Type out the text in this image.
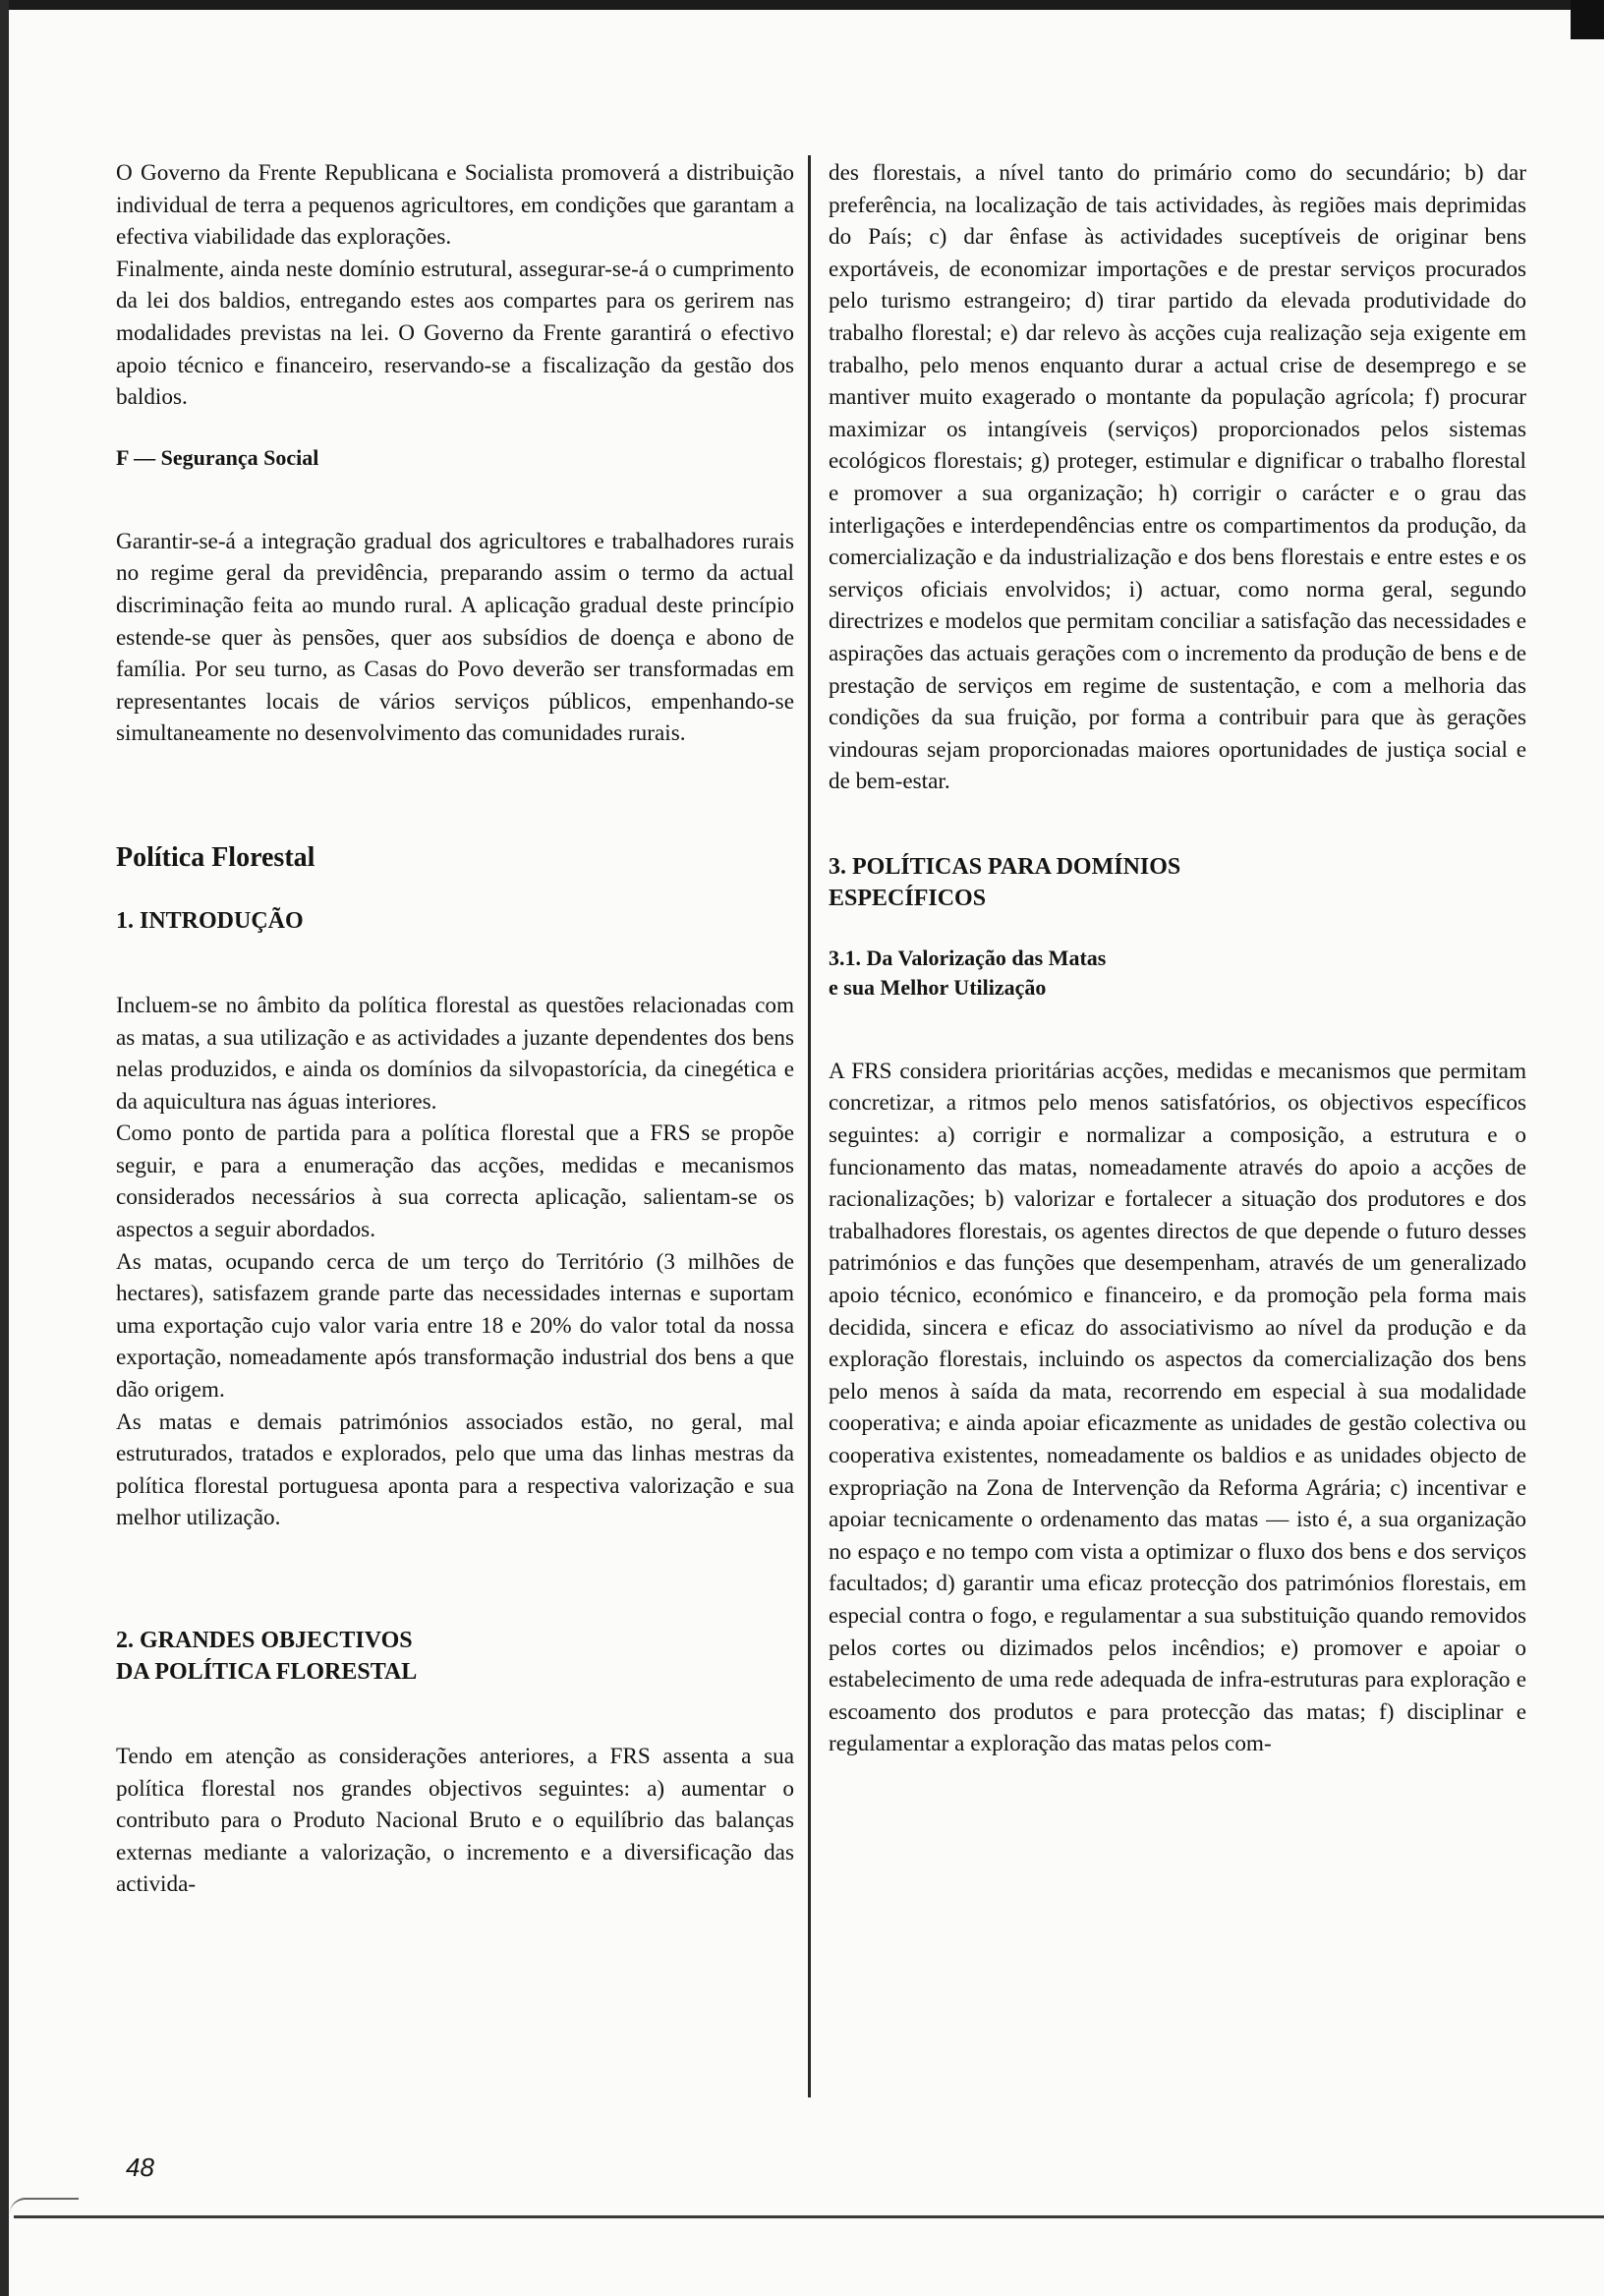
O Governo da Frente Republicana e Socialista promoverá a distribuição individual de terra a pequenos agricultores, em condições que garantam a efectiva viabilidade das explorações.

Finalmente, ainda neste domínio estrutural, assegurar-se-á o cumprimento da lei dos baldios, entregando estes aos compartes para os gerirem nas modalidades previstas na lei. O Governo da Frente garantirá o efectivo apoio técnico e financeiro, reservando-se a fiscalização da gestão dos baldios.

F — Segurança Social

Garantir-se-á a integração gradual dos agricultores e trabalhadores rurais no regime geral da previdência, preparando assim o termo da actual discriminação feita ao mundo rural. A aplicação gradual deste princípio estende-se quer às pensões, quer aos subsídios de doença e abono de família. Por seu turno, as Casas do Povo deverão ser transformadas em representantes locais de vários serviços públicos, empenhando-se simultaneamente no desenvolvimento das comunidades rurais.

Política Florestal
1. INTRODUÇÃO

Incluem-se no âmbito da política florestal as questões relacionadas com as matas, a sua utilização e as actividades a juzante dependentes dos bens nelas produzidos, e ainda os domínios da silvopastorícia, da cinegética e da aquicultura nas águas interiores.

Como ponto de partida para a política florestal que a FRS se propõe seguir, e para a enumeração das acções, medidas e mecanismos considerados necessários à sua correcta aplicação, salientam-se os aspectos a seguir abordados.

As matas, ocupando cerca de um terço do Território (3 milhões de hectares), satisfazem grande parte das necessidades internas e suportam uma exportação cujo valor varia entre 18 e 20% do valor total da nossa exportação, nomeadamente após transformação industrial dos bens a que dão origem.

As matas e demais patrimónios associados estão, no geral, mal estruturados, tratados e explorados, pelo que uma das linhas mestras da política florestal portuguesa aponta para a respectiva valorização e sua melhor utilização.

2. GRANDES OBJECTIVOS
DA POLÍTICA FLORESTAL

Tendo em atenção as considerações anteriores, a FRS assenta a sua política florestal nos grandes objectivos seguintes: a) aumentar o contributo para o Produto Nacional Bruto e o equilíbrio das balanças externas mediante a valorização, o incremento e a diversificação das activida-

des florestais, a nível tanto do primário como do secundário; b) dar preferência, na localização de tais actividades, às regiões mais deprimidas do País; c) dar ênfase às actividades suceptíveis de originar bens exportáveis, de economizar importações e de prestar serviços procurados pelo turismo estrangeiro; d) tirar partido da elevada produtividade do trabalho florestal; e) dar relevo às acções cuja realização seja exigente em trabalho, pelo menos enquanto durar a actual crise de desemprego e se mantiver muito exagerado o montante da população agrícola; f) procurar maximizar os intangíveis (serviços) proporcionados pelos sistemas ecológicos florestais; g) proteger, estimular e dignificar o trabalho florestal e promover a sua organização; h) corrigir o carácter e o grau das interligações e interdependências entre os compartimentos da produção, da comercialização e da industrialização e dos bens florestais e entre estes e os serviços oficiais envolvidos; i) actuar, como norma geral, segundo directrizes e modelos que permitam conciliar a satisfação das necessidades e aspirações das actuais gerações com o incremento da produção de bens e de prestação de serviços em regime de sustentação, e com a melhoria das condições da sua fruição, por forma a contribuir para que às gerações vindouras sejam proporcionadas maiores oportunidades de justiça social e de bem-estar.

3. POLÍTICAS PARA DOMÍNIOS
ESPECÍFICOS
3.1. Da Valorização das Matas
e sua Melhor Utilização

A FRS considera prioritárias acções, medidas e mecanismos que permitam concretizar, a ritmos pelo menos satisfatórios, os objectivos específicos seguintes: a) corrigir e normalizar a composição, a estrutura e o funcionamento das matas, nomeadamente através do apoio a acções de racionalizações; b) valorizar e fortalecer a situação dos produtores e dos trabalhadores florestais, os agentes directos de que depende o futuro desses patrimónios e das funções que desempenham, através de um generalizado apoio técnico, económico e financeiro, e da promoção pela forma mais decidida, sincera e eficaz do associativismo ao nível da produção e da exploração florestais, incluindo os aspectos da comercialização dos bens pelo menos à saída da mata, recorrendo em especial à sua modalidade cooperativa; e ainda apoiar eficazmente as unidades de gestão colectiva ou cooperativa existentes, nomeadamente os baldios e as unidades objecto de expropriação na Zona de Intervenção da Reforma Agrária; c) incentivar e apoiar tecnicamente o ordenamento das matas — isto é, a sua organização no espaço e no tempo com vista a optimizar o fluxo dos bens e dos serviços facultados; d) garantir uma eficaz protecção dos patrimónios florestais, em especial contra o fogo, e regulamentar a sua substituição quando removidos pelos cortes ou dizimados pelos incêndios; e) promover e apoiar o estabelecimento de uma rede adequada de infra-estruturas para exploração e escoamento dos produtos e para protecção das matas; f) disciplinar e regulamentar a exploração das matas pelos com-

48
